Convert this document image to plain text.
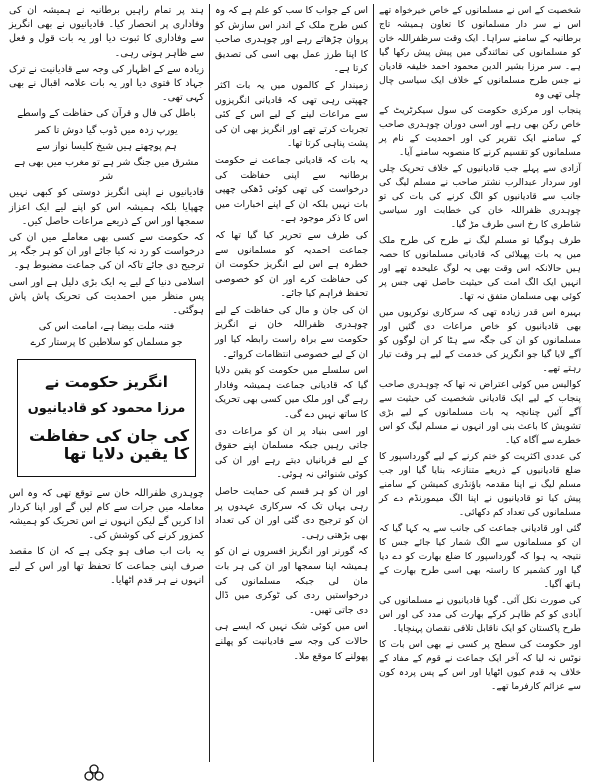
شخصیت کے اس نے مسلمانوں کے خاص خیرخواہ تھے اس نے سر دار مسلمانوں کا تعاون ہمیشہ تاج برطانیہ کے سامنے سراہا۔ ایک وقت سرظفراللہ خان کو مسلمانوں کی نمائندگی میں پیش پیش رکھا گیا ہے۔ سر مرزا بشیر الدین محمود احمد خلیفہ قادیان نے جس طرح مسلمانوں کے خلاف ایک سیاسی چال چلی تھی وہ

پنجاب اور مرکزی حکومت کی سول سیکرٹریٹ کے خاص رکن بھی رہے اور اسی دوران چوہدری صاحب کے سامنے ایک تقریر کی اور احمدیت کے نام پر مسلمانوں کو تقسیم کرنے کا منصوبہ سامنے آیا۔

آزادی سے پہلے جب قادیانیوں کے خلاف تحریک چلی اور سردار عبدالرب نشتر صاحب نے مسلم لیگ کی جانب سے قادیانیوں کو الگ کرنے کی بات کی تو چوہدری ظفراللہ خان کی خطابت اور سیاسی شاطری کا رخ اسی طرف مڑ گیا۔

طرف ہوگیا تو مسلم لیگ نے طرح کی طرح ملک میں یہ بات پھیلائی کہ قادیانی مسلمانوں کا حصہ ہیں حالانکہ اس وقت بھی یہ لوگ علیحدہ تھے اور انہیں ایک الگ امت کی حیثیت حاصل تھی جس پر کوئی بھی مسلمان متفق نہ تھا۔

بہیرہ اس قدر زیادہ تھی کہ سرکاری نوکریوں میں بھی قادیانیوں کو خاص مراعات دی گئیں اور مسلمانوں کو ان کی جگہ سے ہٹا کر ان لوگوں کو آگے لایا گیا جو انگریز کی خدمت کے لیے ہر وقت تیار رہتے تھے۔

کوالیس میں کوئی اعتراض نہ تھا کہ چوہدری صاحب پنجاب کے لیے ایک قادیانی شخصیت کی حیثیت سے آگے آئیں چنانچہ یہ بات مسلمانوں کے لیے بڑی تشویش کا باعث بنی اور انہوں نے مسلم لیگ کو اس خطرے سے آگاہ کیا۔

کی عددی اکثریت کو ختم کرنے کے لیے گورداسپور کا ضلع قادیانیوں کے ذریعے متنازعہ بنایا گیا اور جب مسلم لیگ نے اپنا مقدمہ باؤنڈری کمیشن کے سامنے پیش کیا تو قادیانیوں نے اپنا الگ میمورنڈم دے کر مسلمانوں کی تعداد کم دکھائی۔

گئی اور قادیانی جماعت کی جانب سے یہ کہا گیا کہ ان کو مسلمانوں سے الگ شمار کیا جائے جس کا نتیجہ یہ ہوا کہ گورداسپور کا ضلع بھارت کو دے دیا گیا اور کشمیر کا راستہ بھی اسی طرح بھارت کے ہاتھ آگیا۔

کی صورت نکل آئی۔ گویا قادیانیوں نے مسلمانوں کی آبادی کو کم ظاہر کرکے بھارت کی مدد کی اور اس طرح پاکستان کو ایک ناقابل تلافی نقصان پہنچایا۔

اور حکومت کی سطح پر کسی نے بھی اس بات کا نوٹس نہ لیا کہ آخر ایک جماعت نے قوم کے مفاد کے خلاف یہ قدم کیوں اٹھایا اور اس کے پس پردہ کون سے عزائم کارفرما تھے۔

اس کے جواب کا سب کو علم ہے کہ وہ کس طرح ملک کے اندر اس سازش کو پروان چڑھاتے رہے اور چوہدری صاحب کا اپنا طرز عمل بھی اسی کی تصدیق کرتا ہے۔

زمیندار کے کالموں میں یہ بات اکثر چھپتی رہی تھی کہ قادیانی انگریزوں سے مراعات لینے کے لیے اس کے کئی تجربات کرتے تھے اور انگریز بھی ان کی پشت پناہی کرتا تھا۔

یہ بات کہ قادیانی جماعت نے حکومت برطانیہ سے اپنی حفاظت کی درخواست کی تھی کوئی ڈھکی چھپی بات نہیں بلکہ ان کے اپنے اخبارات میں اس کا ذکر موجود ہے۔

کی طرف سے تحریر کیا گیا تھا کہ جماعت احمدیہ کو مسلمانوں سے خطرہ ہے اس لیے انگریز حکومت ان کی حفاظت کرے اور ان کو خصوصی تحفظ فراہم کیا جائے۔

ان کی جان و مال کی حفاظت کے لیے چوہدری ظفراللہ خان نے انگریز حکومت سے براہ راست رابطہ کیا اور ان کے لیے خصوصی انتظامات کروائے۔

اس سلسلے میں حکومت کو یقین دلایا گیا کہ قادیانی جماعت ہمیشہ وفادار رہے گی اور ملک میں کسی بھی تحریک کا ساتھ نہیں دے گی۔

اور اسی بنیاد پر ان کو مراعات دی جاتی رہیں جبکہ مسلمان اپنے حقوق کے لیے قربانیاں دیتے رہے اور ان کی کوئی شنوائی نہ ہوئی۔

اور ان کو ہر قسم کی حمایت حاصل رہی یہاں تک کہ سرکاری عہدوں پر ان کو ترجیح دی گئی اور ان کی تعداد بھی بڑھتی رہی۔

کہ گورنر اور انگریز افسروں نے ان کو ہمیشہ اپنا سمجھا اور ان کی ہر بات مان لی جبکہ مسلمانوں کی درخواستیں ردی کی ٹوکری میں ڈال دی جاتی تھیں۔

اس میں کوئی شک نہیں کہ ایسے ہی حالات کی وجہ سے قادیانیت کو پھلنے پھولنے کا موقع ملا۔

ہند پر تمام راہیں برطانیہ نے ہمیشہ ان کی وفاداری پر انحصار کیا۔ قادیانیوں نے بھی انگریز سے وفاداری کا ثبوت دیا اور یہ بات قول و فعل سے ظاہر ہوتی رہی۔

زیادہ سے کے اظہار کی وجہ سے قادیانیت نے ترک جہاد کا فتوی دیا اور یہ بات علامہ اقبال نے بھی کہی تھی۔

باطل کی فال و قرآن کی حفاظت کے واسطے

یورپ زدہ میں ڈوب گیا دوش تا کمر

ہم پوچھتے ہیں شیخ کلیسا نواز سے

مشرق میں جنگ شر ہے تو مغرب میں بھی ہے شر

قادیانیوں نے اپنی انگریز دوستی کو کبھی نہیں چھپایا بلکہ ہمیشہ اس کو اپنے لیے ایک اعزاز سمجھا اور اس کے ذریعے مراعات حاصل کیں۔

کہ حکومت سے کسی بھی معاملے میں ان کی درخواست کو رد نہ کیا جائے اور ان کو ہر جگہ پر ترجیح دی جائے تاکہ ان کی جماعت مضبوط ہو۔

اسلامی دنیا کے لیے یہ ایک بڑی دلیل ہے اور اسی پس منظر میں احمدیت کی تحریک پاش پاش ہوگئی۔

فتنہ ملت بیضا ہے، امامت اس کی

جو مسلماں کو سلاطین کا پرستار کرے

انگریز حکومت نے
مرزا محمود کو قادیانیوں
کی جان کی حفاظت کا یقین دلایا تھا

چوہدری ظفراللہ خان سے توقع تھی کہ وہ اس معاملہ میں جرات سے کام لیں گے اور اپنا کردار ادا کریں گے لیکن انہوں نے اس تحریک کو ہمیشہ کمزور کرنے کی کوشش کی۔

یہ بات اب صاف ہو چکی ہے کہ ان کا مقصد صرف اپنی جماعت کا تحفظ تھا اور اس کے لیے انہوں نے ہر قدم اٹھایا۔
